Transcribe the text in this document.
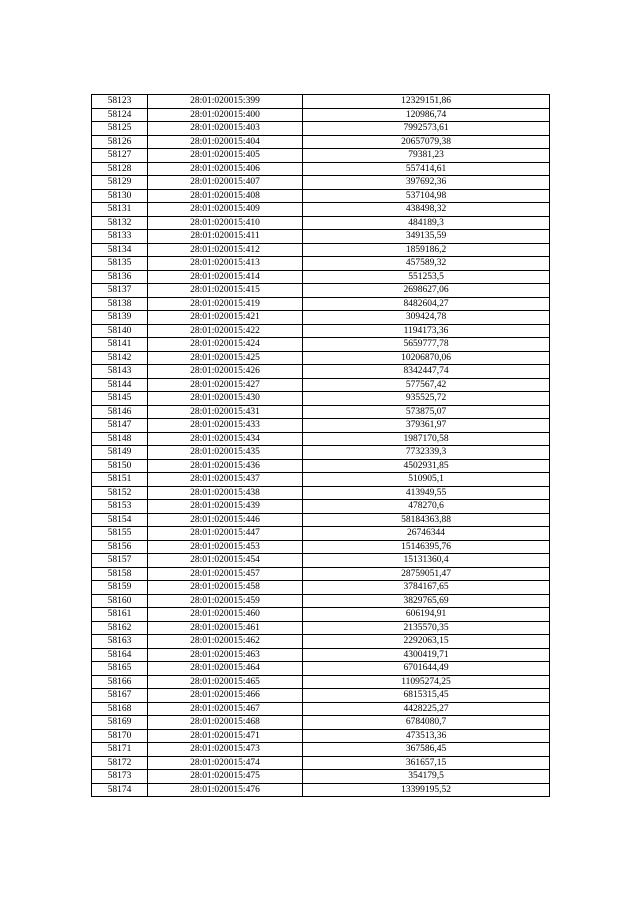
58123	28:01:020015:399	12329151,86
58124	28:01:020015:400	120986,74
58125	28:01:020015:403	7992573,61
58126	28:01:020015:404	20657079,38
58127	28:01:020015:405	79381,23
58128	28:01:020015:406	557414,61
58129	28:01:020015:407	397692,36
58130	28:01:020015:408	537104,98
58131	28:01:020015:409	438498,32
58132	28:01:020015:410	484189,3
58133	28:01:020015:411	349135,59
58134	28:01:020015:412	1859186,2
58135	28:01:020015:413	457589,32
58136	28:01:020015:414	551253,5
58137	28:01:020015:415	2698627,06
58138	28:01:020015:419	8482604,27
58139	28:01:020015:421	309424,78
58140	28:01:020015:422	1194173,36
58141	28:01:020015:424	5659777,78
58142	28:01:020015:425	10206870,06
58143	28:01:020015:426	8342447,74
58144	28:01:020015:427	577567,42
58145	28:01:020015:430	935525,72
58146	28:01:020015:431	573875,07
58147	28:01:020015:433	379361,97
58148	28:01:020015:434	1987170,58
58149	28:01:020015:435	7732339,3
58150	28:01:020015:436	4502931,85
58151	28:01:020015:437	510905,1
58152	28:01:020015:438	413949,55
58153	28:01:020015:439	478270,6
58154	28:01:020015:446	58184363,88
58155	28:01:020015:447	26746344
58156	28:01:020015:453	15146395,76
58157	28:01:020015:454	15131360,4
58158	28:01:020015:457	28759051,47
58159	28:01:020015:458	3784167,65
58160	28:01:020015:459	3829765,69
58161	28:01:020015:460	606194,91
58162	28:01:020015:461	2135570,35
58163	28:01:020015:462	2292063,15
58164	28:01:020015:463	4300419,71
58165	28:01:020015:464	6701644,49
58166	28:01:020015:465	11095274,25
58167	28:01:020015:466	6815315,45
58168	28:01:020015:467	4428225,27
58169	28:01:020015:468	6784080,7
58170	28:01:020015:471	473513,36
58171	28:01:020015:473	367586,45
58172	28:01:020015:474	361657,15
58173	28:01:020015:475	354179,5
58174	28:01:020015:476	13399195,52
